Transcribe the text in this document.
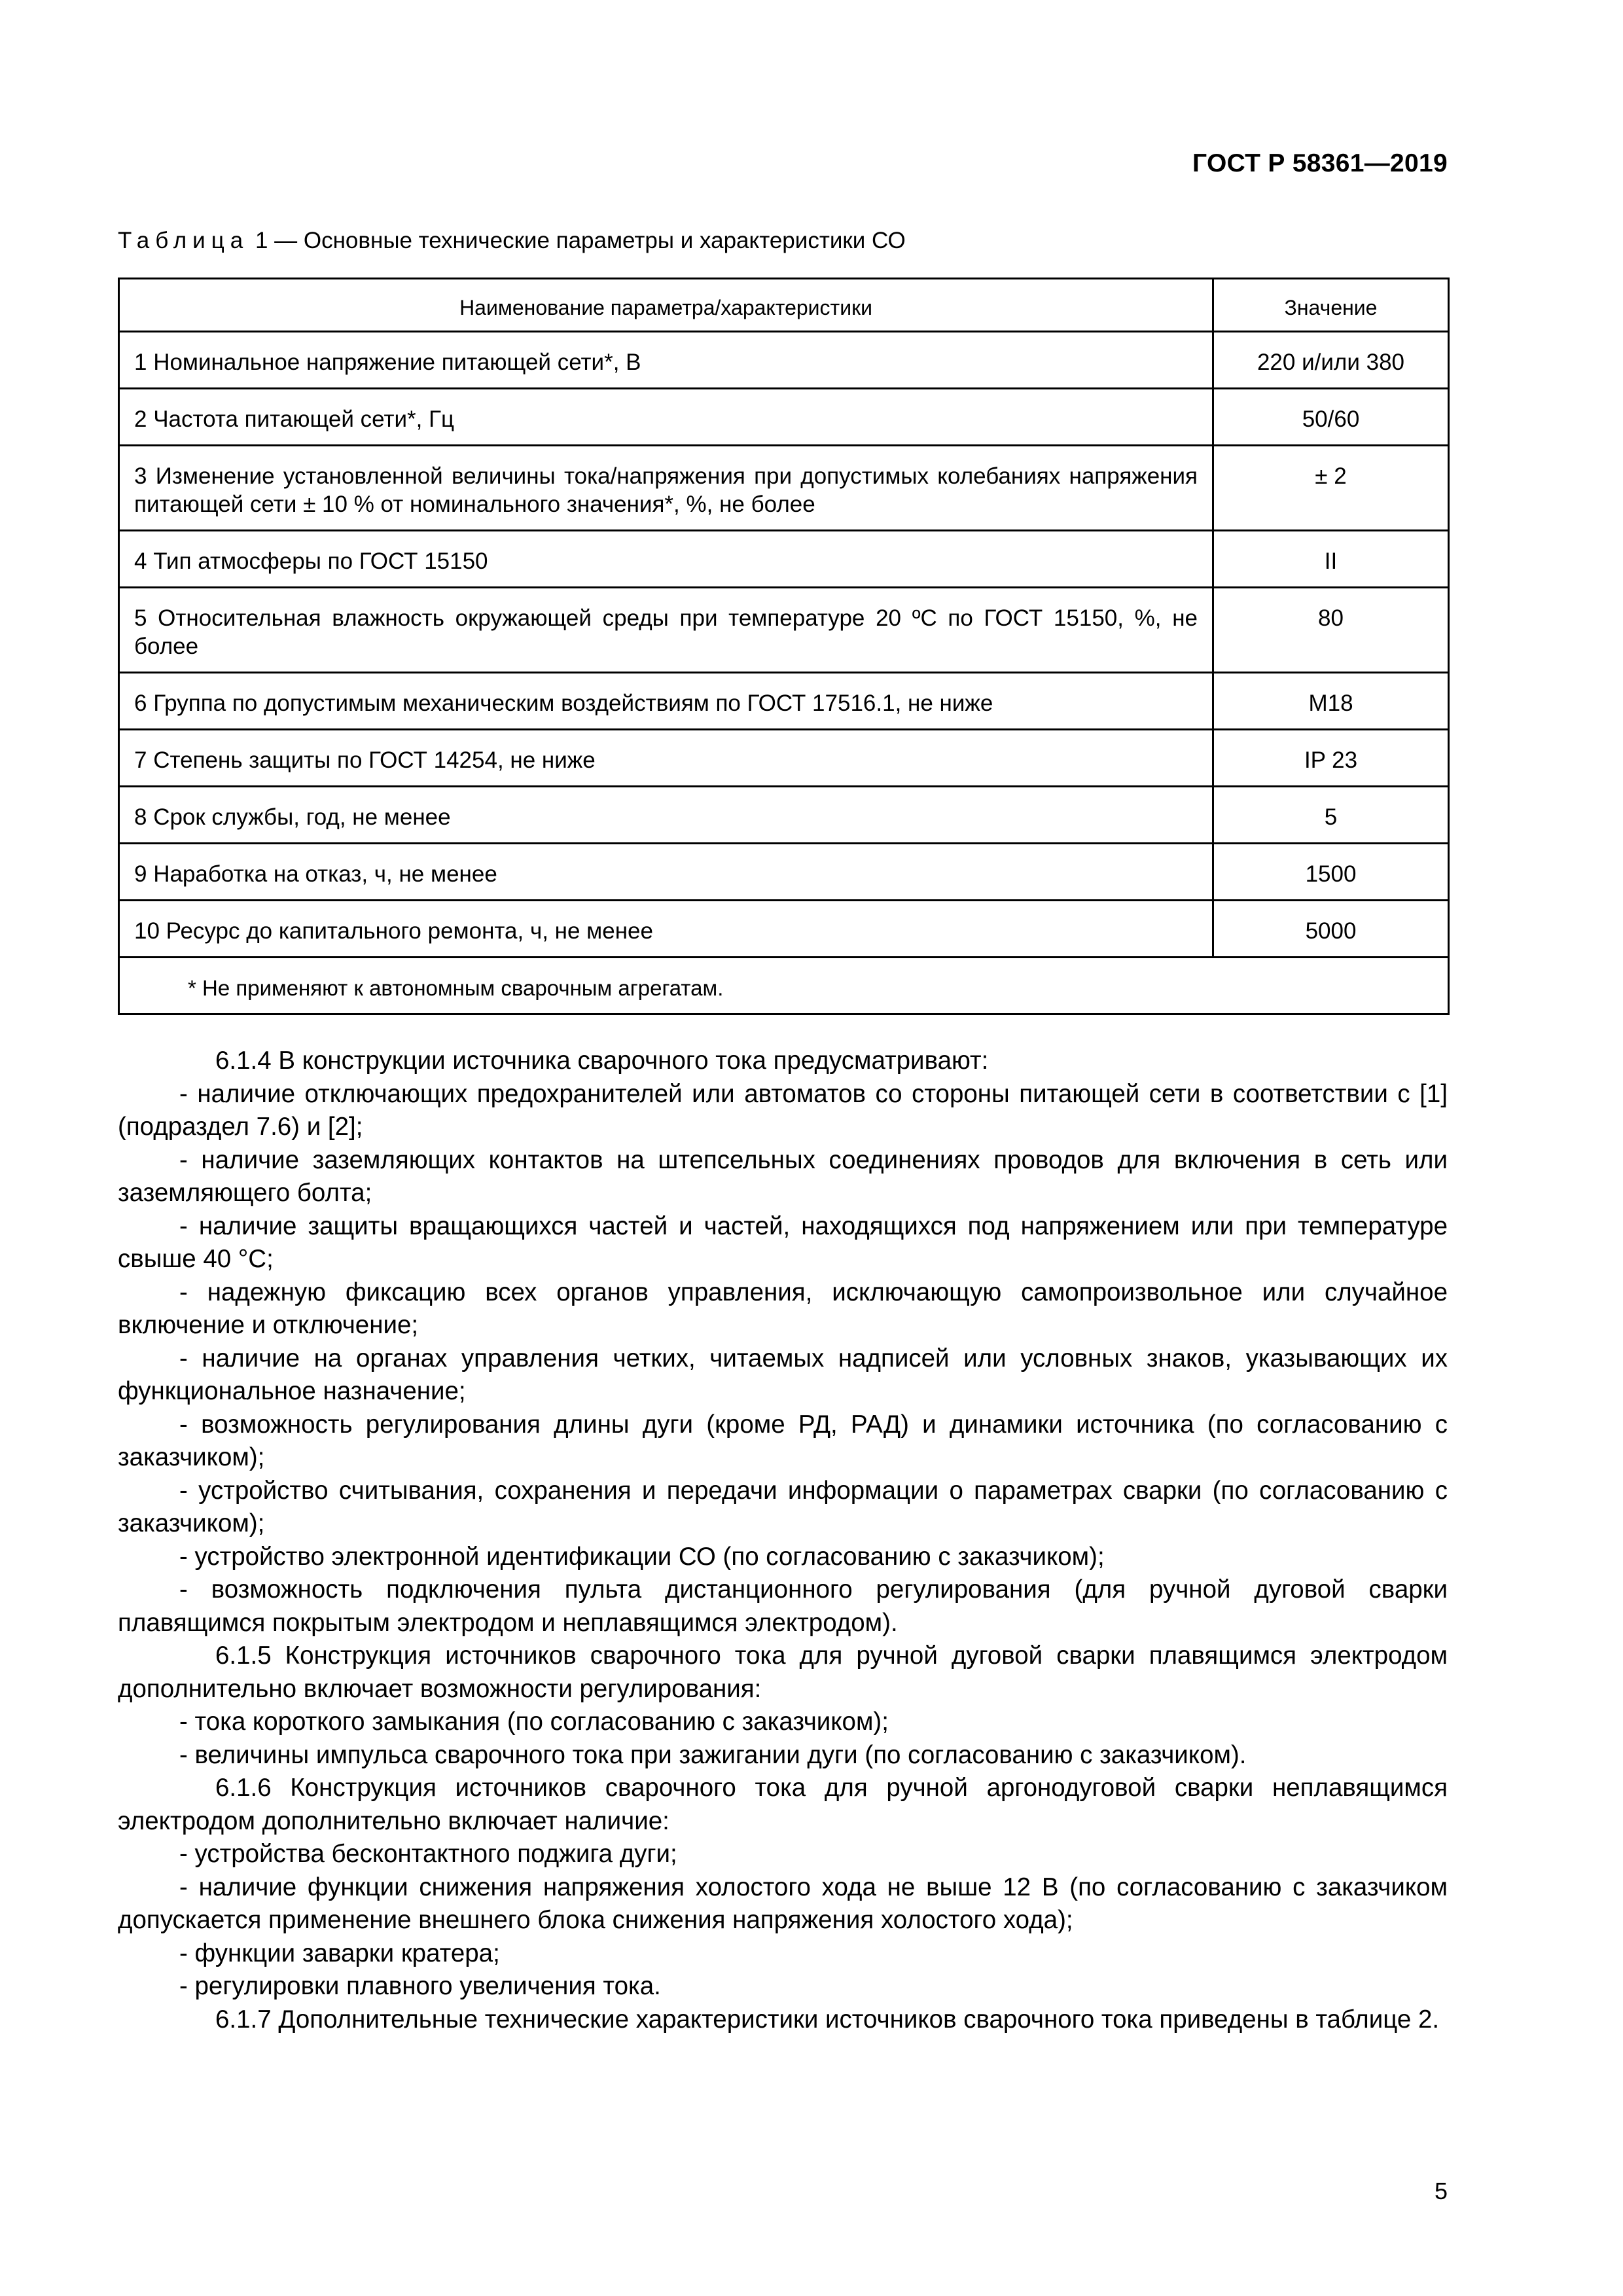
ГОСТ Р 58361—2019
Таблица 1 — Основные технические параметры и характеристики СО
Наименование параметра/характеристики	Значение
1 Номинальное напряжение питающей сети*, В	220 и/или 380
2 Частота питающей сети*, Гц	50/60
3 Изменение установленной величины тока/напряжения при допустимых колебаниях напряжения питающей сети ± 10 % от номинального значения*, %, не более	± 2
4 Тип атмосферы по ГОСТ 15150	II
5 Относительная влажность окружающей среды при температуре 20 ºС по ГОСТ 15150, %, не более	80
6 Группа по допустимым механическим воздействиям по ГОСТ 17516.1, не ниже	М18
7 Степень защиты по ГОСТ 14254, не ниже	IP 23
8 Срок службы, год, не менее	5
9 Наработка на отказ, ч, не менее	1500
10 Ресурс до капитального ремонта, ч, не менее	5000
* Не применяют к автономным сварочным агрегатам.	

6.1.4 В конструкции источника сварочного тока предусматривают:

- наличие отключающих предохранителей или автоматов со стороны питающей сети в соответствии с [1] (подраздел 7.6) и [2];

- наличие заземляющих контактов на штепсельных соединениях проводов для включения в сеть или заземляющего болта;

- наличие защиты вращающихся частей и частей, находящихся под напряжением или при температуре свыше 40 °С;

- надежную фиксацию всех органов управления, исключающую самопроизвольное или случайное включение и отключение;

- наличие на органах управления четких, читаемых надписей или условных знаков, указывающих их функциональное назначение;

- возможность регулирования длины дуги (кроме РД, РАД) и динамики источника (по согласованию с заказчиком);

- устройство считывания, сохранения и передачи информации о параметрах сварки (по согласованию с заказчиком);

- устройство электронной идентификации СО (по согласованию с заказчиком);

- возможность подключения пульта дистанционного регулирования (для ручной дуговой сварки плавящимся покрытым электродом и неплавящимся электродом).

6.1.5 Конструкция источников сварочного тока для ручной дуговой сварки плавящимся электродом дополнительно включает возможности регулирования:

- тока короткого замыкания (по согласованию с заказчиком);

- величины импульса сварочного тока при зажигании дуги (по согласованию с заказчиком).

6.1.6 Конструкция источников сварочного тока для ручной аргонодуговой сварки неплавящимся электродом дополнительно включает наличие:

- устройства бесконтактного поджига дуги;

- наличие функции снижения напряжения холостого хода не выше 12 В (по согласованию с заказчиком допускается применение внешнего блока снижения напряжения холостого хода);

- функции заварки кратера;

- регулировки плавного увеличения тока.

6.1.7 Дополнительные технические характеристики источников сварочного тока приведены в таблице 2.

5
